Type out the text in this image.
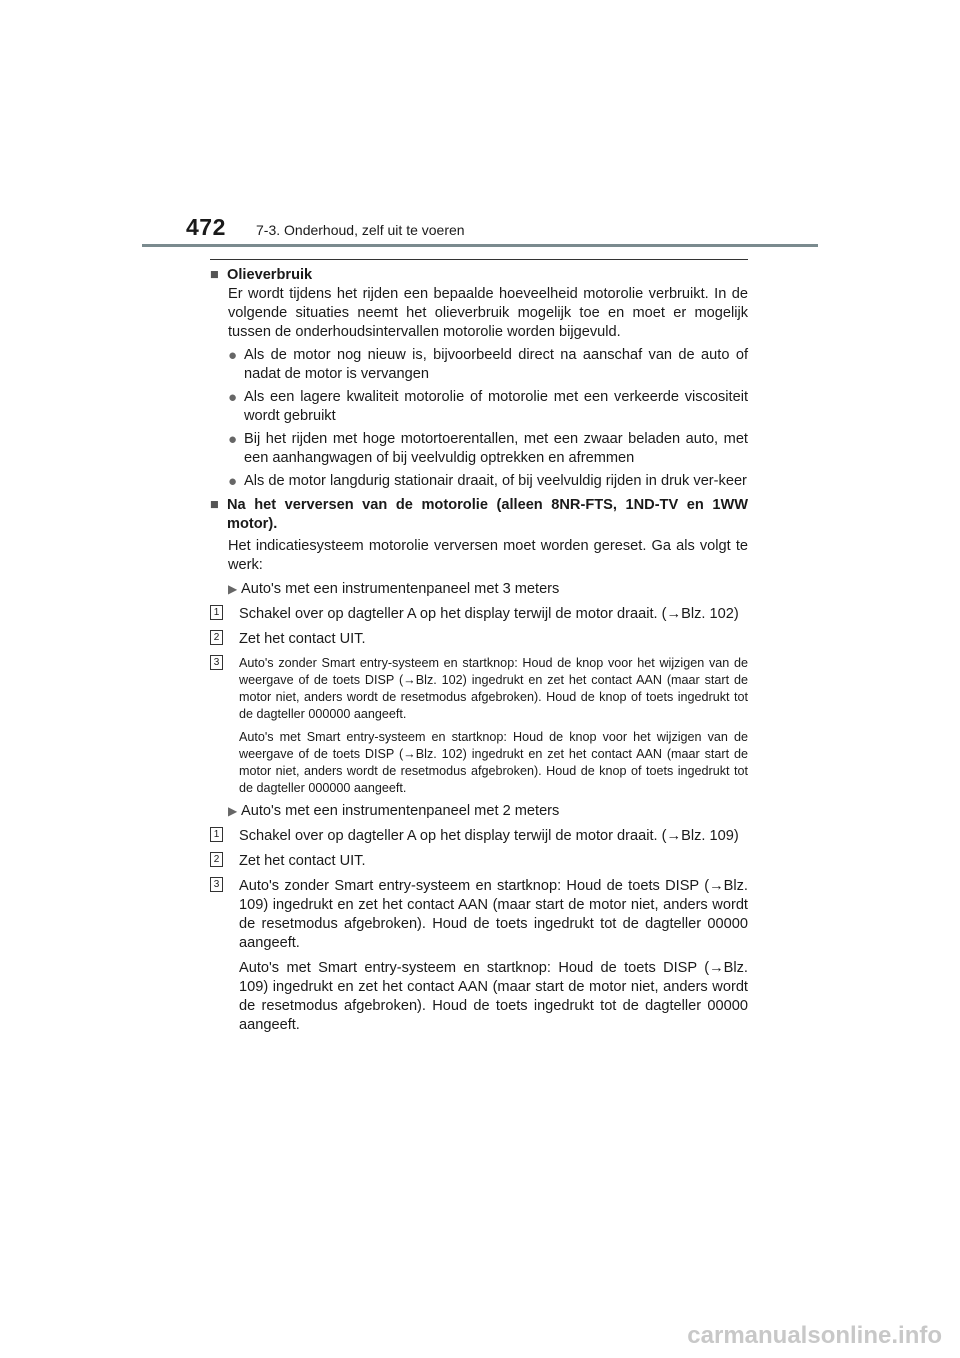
472 7-3. Onderhoud, zelf uit te voeren

■ Olieverbruik

Er wordt tijdens het rijden een bepaalde hoeveelheid motorolie verbruikt. In de volgende situaties neemt het olieverbruik mogelijk toe en moet er mogelijk tussen de onderhoudsintervallen motorolie worden bijgevuld.

● Als de motor nog nieuw is, bijvoorbeeld direct na aanschaf van de auto of nadat de motor is vervangen

● Als een lagere kwaliteit motorolie of motorolie met een verkeerde viscositeit wordt gebruikt

● Bij het rijden met hoge motortoerentallen, met een zwaar beladen auto, met een aanhangwagen of bij veelvuldig optrekken en afremmen

● Als de motor langdurig stationair draait, of bij veelvuldig rijden in druk ver-keer

■ Na het verversen van de motorolie (alleen 8NR-FTS, 1ND-TV en 1WW motor).

Het indicatiesysteem motorolie verversen moet worden gereset. Ga als volgt te werk:

▶ Auto's met een instrumentenpaneel met 3 meters

1 Schakel over op dagteller A op het display terwijl de motor draait. (→Blz. 102)

2 Zet het contact UIT.

3 Auto's zonder Smart entry-systeem en startknop: Houd de knop voor het wijzigen van de weergave of de toets DISP (→Blz. 102) ingedrukt en zet het contact AAN (maar start de motor niet, anders wordt de resetmodus afgebroken). Houd de knop of toets ingedrukt tot de dagteller 000000 aangeeft.

Auto's met Smart entry-systeem en startknop: Houd de knop voor het wijzigen van de weergave of de toets DISP (→Blz. 102) ingedrukt en zet het contact AAN (maar start de motor niet, anders wordt de resetmodus afgebroken). Houd de knop of toets ingedrukt tot de dagteller 000000 aangeeft.

▶ Auto's met een instrumentenpaneel met 2 meters

1 Schakel over op dagteller A op het display terwijl de motor draait. (→Blz. 109)

2 Zet het contact UIT.

3 Auto's zonder Smart entry-systeem en startknop: Houd de toets DISP (→Blz. 109) ingedrukt en zet het contact AAN (maar start de motor niet, anders wordt de resetmodus afgebroken). Houd de toets ingedrukt tot de dagteller 00000 aangeeft.

Auto's met Smart entry-systeem en startknop: Houd de toets DISP (→Blz. 109) ingedrukt en zet het contact AAN (maar start de motor niet, anders wordt de resetmodus afgebroken). Houd de toets ingedrukt tot de dagteller 00000 aangeeft.

carmanualsonline.info
